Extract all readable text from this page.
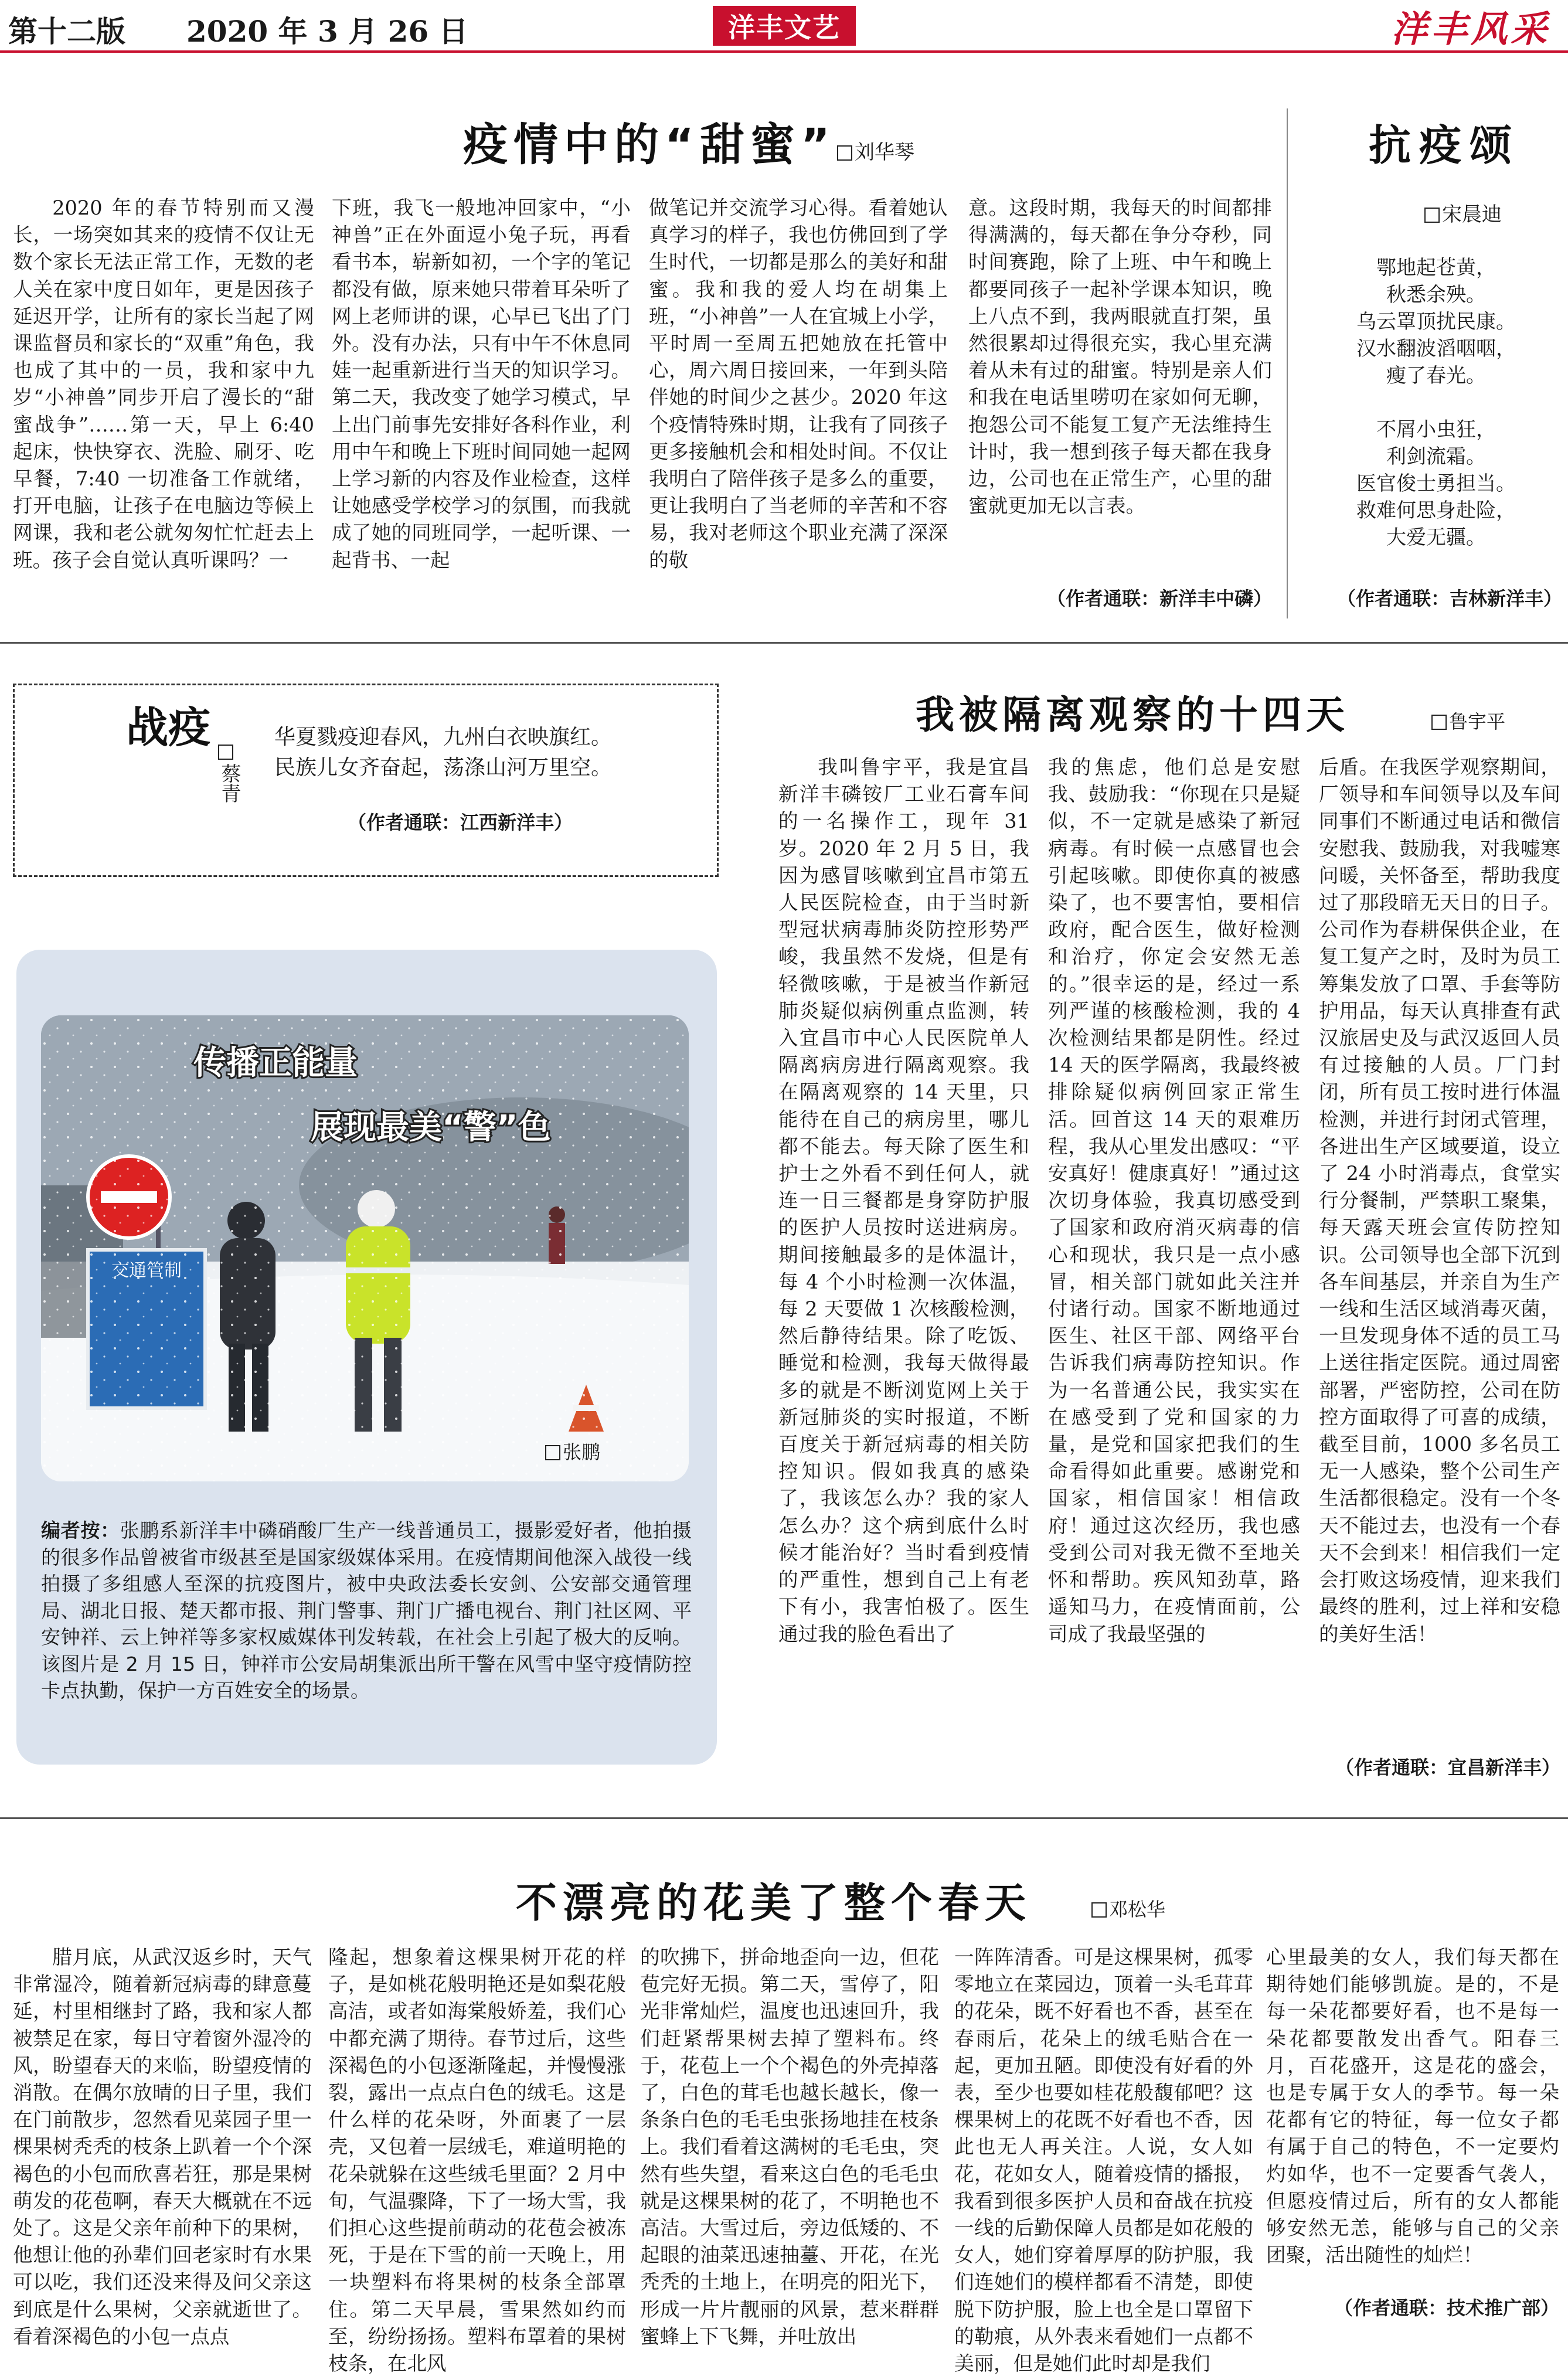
第十二版 2020 年 3 月 26 日	洋丰文艺	洋丰风采
疫情中的“甜蜜” 刘华琴

2020 年的春节特别而又漫长，一场突如其来的疫情不仅让无数个家长无法正常工作，无数的老人关在家中度日如年，更是因孩子延迟开学，让所有的家长当起了网课监督员和家长的“双重”角色，我也成了其中的一员，我和家中九岁“小神兽”同步开启了漫长的“甜蜜战争”……第一天，早上 6:40 起床，快快穿衣、洗脸、刷牙、吃早餐，7:40 一切准备工作就绪，打开电脑，让孩子在电脑边等候上网课，我和老公就匆匆忙忙赶去上班。孩子会自觉认真听课吗？一

下班，我飞一般地冲回家中，“小神兽”正在外面逗小兔子玩，再看看书本，崭新如初，一个字的笔记都没有做，原来她只带着耳朵听了网上老师讲的课，心早已飞出了门外。没有办法，只有中午不休息同娃一起重新进行当天的知识学习。第二天，我改变了她学习模式，早上出门前事先安排好各科作业，利用中午和晚上下班时间同她一起网上学习新的内容及作业检查，这样让她感受学校学习的氛围，而我就成了她的同班同学，一起听课、一起背书、一起

做笔记并交流学习心得。看着她认真学习的样子，我也仿佛回到了学生时代，一切都是那么的美好和甜蜜。我和我的爱人均在胡集上班，“小神兽”一人在宜城上小学，平时周一至周五把她放在托管中心，周六周日接回来，一年到头陪伴她的时间少之甚少。2020 年这个疫情特殊时期，让我有了同孩子更多接触机会和相处时间。不仅让我明白了陪伴孩子是多么的重要，更让我明白了当老师的辛苦和不容易，我对老师这个职业充满了深深的敬

意。这段时期，我每天的时间都排得满满的，每天都在争分夺秒，同时间赛跑，除了上班、中午和晚上都要同孩子一起补学课本知识，晚上八点不到，我两眼就直打架，虽然很累却过得很充实，我心里充满着从未有过的甜蜜。特别是亲人们和我在电话里唠叨在家如何无聊，抱怨公司不能复工复产无法维持生计时，我一想到孩子每天都在我身边，公司也在正常生产，心里的甜蜜就更加无以言表。

（作者通联：新洋丰中磷）
抗疫颂
宋晨迪
鄂地起苍黄，
秋悉余殃。
乌云罩顶扰民康。
汉水翻波滔咽咽，
瘦了春光。
不屑小虫狂，
利剑流霜。
医官俊士勇担当。
救难何思身赴险，
大爱无疆。
（作者通联：吉林新洋丰）
战疫
蔡青
华夏戮疫迎春风，九州白衣映旗红。
民族儿女齐奋起，荡涤山河万里空。
（作者通联：江西新洋丰）
传播正能量
展现最美“警”色
张鹏
编者按：张鹏系新洋丰中磷硝酸厂生产一线普通员工，摄影爱好者，他拍摄的很多作品曾被省市级甚至是国家级媒体采用。在疫情期间他深入战役一线拍摄了多组感人至深的抗疫图片，被中央政法委长安剑、公安部交通管理局、湖北日报、楚天都市报、荆门警事、荆门广播电视台、荆门社区网、平安钟祥、云上钟祥等多家权威媒体刊发转载，在社会上引起了极大的反响。该图片是 2 月 15 日，钟祥市公安局胡集派出所干警在风雪中坚守疫情防控卡点执勤，保护一方百姓安全的场景。
我被隔离观察的十四天	鲁宇平

我叫鲁宇平，我是宜昌新洋丰磷铵厂工业石膏车间的一名操作工，现年 31 岁。2020 年 2 月 5 日，我因为感冒咳嗽到宜昌市第五人民医院检查，由于当时新型冠状病毒肺炎防控形势严峻，我虽然不发烧，但是有轻微咳嗽，于是被当作新冠肺炎疑似病例重点监测，转入宜昌市中心人民医院单人隔离病房进行隔离观察。我在隔离观察的 14 天里，只能待在自己的病房里，哪儿都不能去。每天除了医生和护士之外看不到任何人，就连一日三餐都是身穿防护服的医护人员按时送进病房。期间接触最多的是体温计，每 4 个小时检测一次体温，每 2 天要做 1 次核酸检测，然后静待结果。除了吃饭、睡觉和检测，我每天做得最多的就是不断浏览网上关于新冠肺炎的实时报道，不断百度关于新冠病毒的相关防控知识。假如我真的感染了，我该怎么办？我的家人怎么办？这个病到底什么时候才能治好？当时看到疫情的严重性，想到自己上有老下有小，我害怕极了。医生通过我的脸色看出了

我的焦虑，他们总是安慰我、鼓励我：“你现在只是疑似，不一定就是感染了新冠病毒。有时候一点感冒也会引起咳嗽。即使你真的被感染了，也不要害怕，要相信政府，配合医生，做好检测和治疗，你定会安然无恙的。”很幸运的是，经过一系列严谨的核酸检测，我的 4 次检测结果都是阴性。经过 14 天的医学隔离，我最终被排除疑似病例回家正常生活。回首这 14 天的艰难历程，我从心里发出感叹：“平安真好！健康真好！”通过这次切身体验，我真切感受到了国家和政府消灭病毒的信心和现状，我只是一点小感冒，相关部门就如此关注并付诸行动。国家不断地通过医生、社区干部、网络平台告诉我们病毒防控知识。作为一名普通公民，我实实在在感受到了党和国家的力量，是党和国家把我们的生命看得如此重要。感谢党和国家，相信国家！相信政府！通过这次经历，我也感受到公司对我无微不至地关怀和帮助。疾风知劲草，路遥知马力，在疫情面前，公司成了我最坚强的

后盾。在我医学观察期间，厂领导和车间领导以及车间同事们不断通过电话和微信安慰我、鼓励我，对我嘘寒问暖，关怀备至，帮助我度过了那段暗无天日的日子。公司作为春耕保供企业，在复工复产之时，及时为员工筹集发放了口罩、手套等防护用品，每天认真排查有武汉旅居史及与武汉返回人员有过接触的人员。厂门封闭，所有员工按时进行体温检测，并进行封闭式管理，各进出生产区域要道，设立了 24 小时消毒点，食堂实行分餐制，严禁职工聚集，每天露天班会宣传防控知识。公司领导也全部下沉到各车间基层，并亲自为生产一线和生活区域消毒灭菌，一旦发现身体不适的员工马上送往指定医院。通过周密部署，严密防控，公司在防控方面取得了可喜的成绩，截至目前，1000 多名员工无一人感染，整个公司生产生活都很稳定。没有一个冬天不能过去，也没有一个春天不会到来！相信我们一定会打败这场疫情，迎来我们最终的胜利，过上祥和安稳的美好生活！

（作者通联：宜昌新洋丰）
不漂亮的花美了整个春天	邓松华

腊月底，从武汉返乡时，天气非常湿冷，随着新冠病毒的肆意蔓延，村里相继封了路，我和家人都被禁足在家，每日守着窗外湿冷的风，盼望春天的来临，盼望疫情的消散。在偶尔放晴的日子里，我们在门前散步，忽然看见菜园子里一棵果树秃秃的枝条上趴着一个个深褐色的小包而欣喜若狂，那是果树萌发的花苞啊，春天大概就在不远处了。这是父亲年前种下的果树，他想让他的孙辈们回老家时有水果可以吃，我们还没来得及问父亲这到底是什么果树，父亲就逝世了。看着深褐色的小包一点点

隆起，想象着这棵果树开花的样子，是如桃花般明艳还是如梨花般高洁，或者如海棠般娇羞，我们心中都充满了期待。春节过后，这些深褐色的小包逐渐隆起，并慢慢涨裂，露出一点点白色的绒毛。这是什么样的花朵呀，外面裹了一层壳，又包着一层绒毛，难道明艳的花朵就躲在这些绒毛里面？2 月中旬，气温骤降，下了一场大雪，我们担心这些提前萌动的花苞会被冻死，于是在下雪的前一天晚上，用一块塑料布将果树的枝条全部罩住。第二天早晨，雪果然如约而至，纷纷扬扬。塑料布罩着的果树枝条，在北风

的吹拂下，拼命地歪向一边，但花苞完好无损。第二天，雪停了，阳光非常灿烂，温度也迅速回升，我们赶紧帮果树去掉了塑料布。终于，花苞上一个个褐色的外壳掉落了，白色的茸毛也越长越长，像一条条白色的毛毛虫张扬地挂在枝条上。我们看着这满树的毛毛虫，突然有些失望，看来这白色的毛毛虫就是这棵果树的花了，不明艳也不高洁。大雪过后，旁边低矮的、不起眼的油菜迅速抽薹、开花，在光秃秃的土地上，在明亮的阳光下，形成一片片靓丽的风景，惹来群群蜜蜂上下飞舞，并吐放出

一阵阵清香。可是这棵果树，孤零零地立在菜园边，顶着一头毛茸茸的花朵，既不好看也不香，甚至在春雨后，花朵上的绒毛贴合在一起，更加丑陋。即使没有好看的外表，至少也要如桂花般馥郁吧？这棵果树上的花既不好看也不香，因此也无人再关注。人说，女人如花，花如女人，随着疫情的播报，我看到很多医护人员和奋战在抗疫一线的后勤保障人员都是如花般的女人，她们穿着厚厚的防护服，我们连她们的模样都看不清楚，即使脱下防护服，脸上也全是口罩留下的勒痕，从外表来看她们一点都不美丽，但是她们此时却是我们

心里最美的女人，我们每天都在期待她们能够凯旋。是的，不是每一朵花都要好看，也不是每一朵花都要散发出香气。阳春三月，百花盛开，这是花的盛会，也是专属于女人的季节。每一朵花都有它的特征，每一位女子都有属于自己的特色，不一定要灼灼如华，也不一定要香气袭人，但愿疫情过后，所有的女人都能够安然无恙，能够与自己的父亲团聚，活出随性的灿烂！

（作者通联：技术推广部）
